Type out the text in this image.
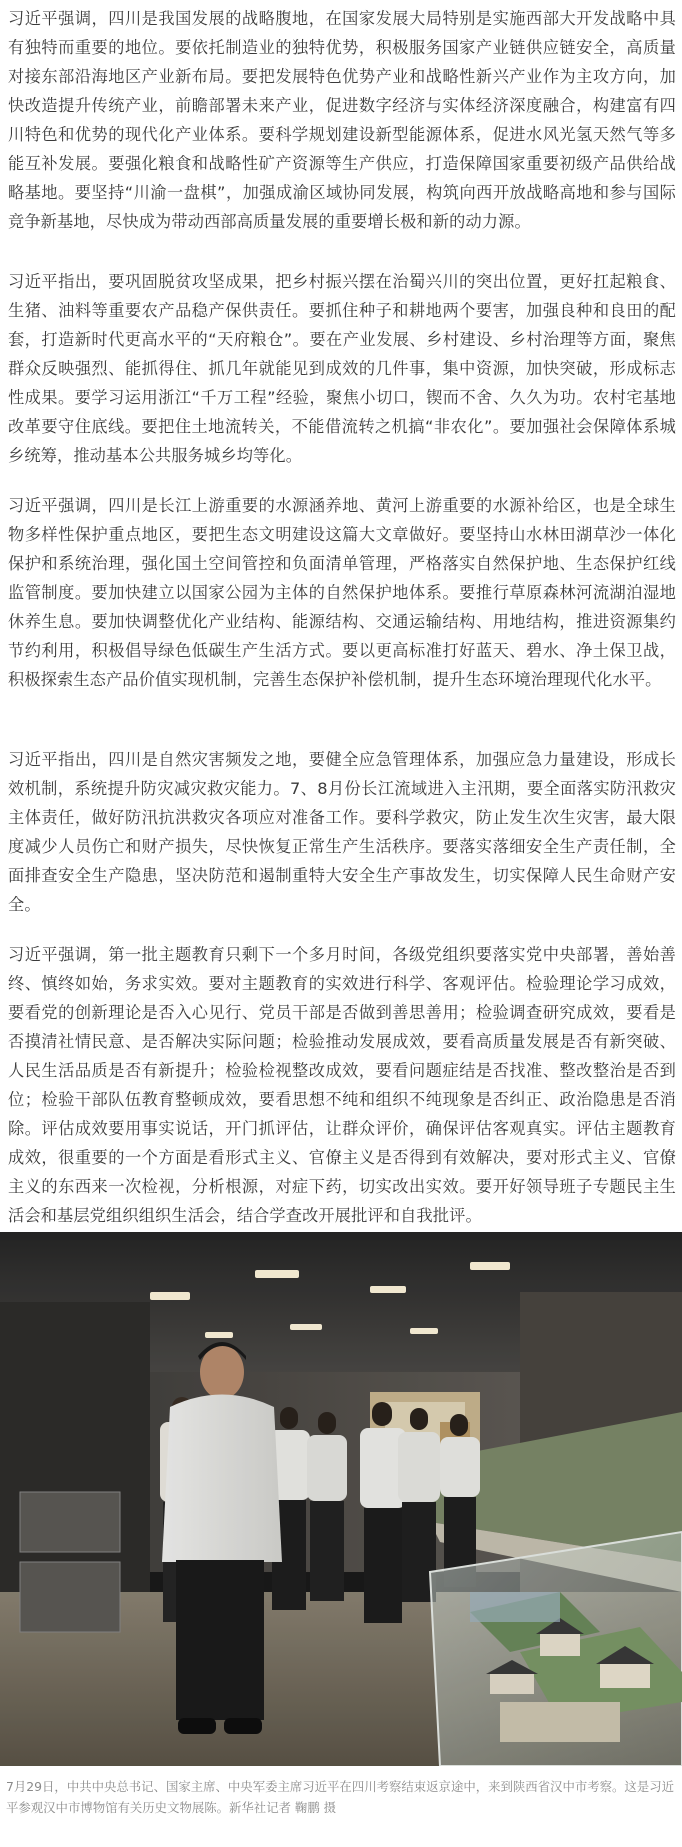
习近平强调，四川是我国发展的战略腹地，在国家发展大局特别是实施西部大开发战略中具有独特而重要的地位。要依托制造业的独特优势，积极服务国家产业链供应链安全，高质量对接东部沿海地区产业新布局。要把发展特色优势产业和战略性新兴产业作为主攻方向，加快改造提升传统产业，前瞻部署未来产业，促进数字经济与实体经济深度融合，构建富有四川特色和优势的现代化产业体系。要科学规划建设新型能源体系，促进水风光氢天然气等多能互补发展。要强化粮食和战略性矿产资源等生产供应，打造保障国家重要初级产品供给战略基地。要坚持“川渝一盘棋”，加强成渝区域协同发展，构筑向西开放战略高地和参与国际竞争新基地，尽快成为带动西部高质量发展的重要增长极和新的动力源。

习近平指出，要巩固脱贫攻坚成果，把乡村振兴摆在治蜀兴川的突出位置，更好扛起粮食、生猪、油料等重要农产品稳产保供责任。要抓住种子和耕地两个要害，加强良种和良田的配套，打造新时代更高水平的“天府粮仓”。要在产业发展、乡村建设、乡村治理等方面，聚焦群众反映强烈、能抓得住、抓几年就能见到成效的几件事，集中资源，加快突破，形成标志性成果。要学习运用浙江“千万工程”经验，聚焦小切口，锲而不舍、久久为功。农村宅基地改革要守住底线。要把住土地流转关，不能借流转之机搞“非农化”。要加强社会保障体系城乡统筹，推动基本公共服务城乡均等化。

习近平强调，四川是长江上游重要的水源涵养地、黄河上游重要的水源补给区，也是全球生物多样性保护重点地区，要把生态文明建设这篇大文章做好。要坚持山水林田湖草沙一体化保护和系统治理，强化国土空间管控和负面清单管理，严格落实自然保护地、生态保护红线监管制度。要加快建立以国家公园为主体的自然保护地体系。要推行草原森林河流湖泊湿地休养生息。要加快调整优化产业结构、能源结构、交通运输结构、用地结构，推进资源集约节约利用，积极倡导绿色低碳生产生活方式。要以更高标准打好蓝天、碧水、净土保卫战，积极探索生态产品价值实现机制，完善生态保护补偿机制，提升生态环境治理现代化水平。

习近平指出，四川是自然灾害频发之地，要健全应急管理体系，加强应急力量建设，形成长效机制，系统提升防灾减灾救灾能力。7、8月份长江流域进入主汛期，要全面落实防汛救灾主体责任，做好防汛抗洪救灾各项应对准备工作。要科学救灾，防止发生次生灾害，最大限度减少人员伤亡和财产损失，尽快恢复正常生产生活秩序。要落实落细安全生产责任制，全面排查安全生产隐患，坚决防范和遏制重特大安全生产事故发生，切实保障人民生命财产安全。

习近平强调，第一批主题教育只剩下一个多月时间，各级党组织要落实党中央部署，善始善终、慎终如始，务求实效。要对主题教育的实效进行科学、客观评估。检验理论学习成效，要看党的创新理论是否入心见行、党员干部是否做到善思善用；检验调查研究成效，要看是否摸清社情民意、是否解决实际问题；检验推动发展成效，要看高质量发展是否有新突破、人民生活品质是否有新提升；检验检视整改成效，要看问题症结是否找准、整改整治是否到位；检验干部队伍教育整顿成效，要看思想不纯和组织不纯现象是否纠正、政治隐患是否消除。评估成效要用事实说话，开门抓评估，让群众评价，确保评估客观真实。评估主题教育成效，很重要的一个方面是看形式主义、官僚主义是否得到有效解决，要对形式主义、官僚主义的东西来一次检视，分析根源，对症下药，切实改出实效。要开好领导班子专题民主生活会和基层党组织组织生活会，结合学查改开展批评和自我批评。

7月29日，中共中央总书记、国家主席、中央军委主席习近平在四川考察结束返京途中，来到陕西省汉中市考察。这是习近平参观汉中市博物馆有关历史文物展陈。新华社记者 鞠鹏 摄
